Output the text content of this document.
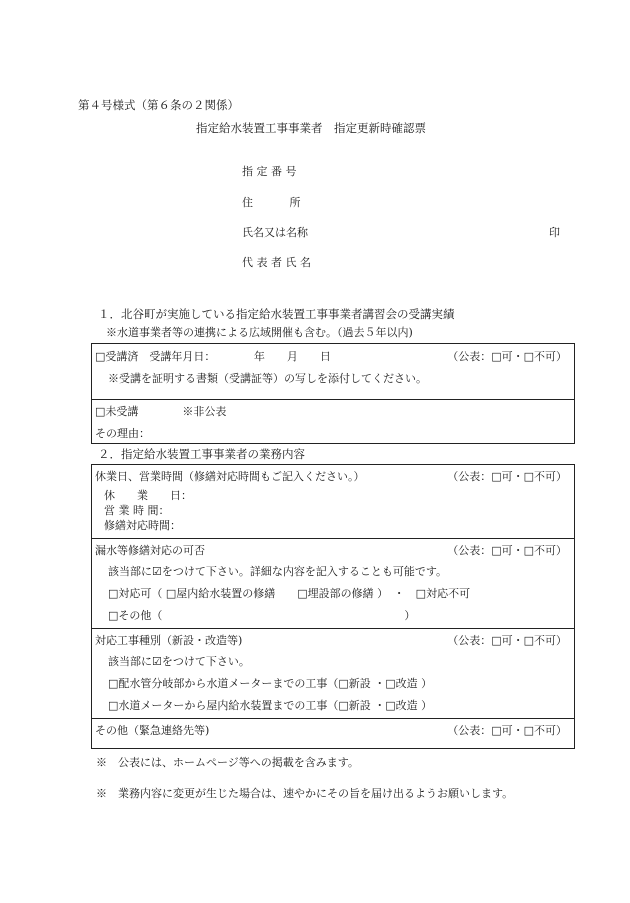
第４号様式（第６条の２関係）
指定給水装置工事事業者　指定更新時確認票
指 定 番 号
住　　　 所
氏名又は名称	印
代 表 者 氏 名
１．北谷町が実施している指定給水装置工事事業者講習会の受講実績
※水道事業者等の連携による広域開催も含む。（過去５年以内)
□受講済　受講年月日：　　　　年　　月　　日	（公表：□可・□不可）
※受講を証明する書類（受講証等）の写しを添付してください。
□未受講　　　　※非公表
その理由：
２．指定給水装置工事事業者の業務内容
休業日、営業時間（修繕対応時間もご記入ください。）	（公表：□可・□不可）
休　　業　　日：
営 業 時 間：
修繕対応時間：
漏水等修繕対応の可否	（公表：□可・□不可）
該当部に☑をつけて下さい。詳細な内容を記入することも可能です。
□対応可（ □屋内給水装置の修繕　　□埋設部の修繕 ）　・　□対応不可
□その他（　　　　　　　　　　　　　　　　　　　　　　）
対応工事種別（新設・改造等)	（公表：□可・□不可）
該当部に☑をつけて下さい。
□配水管分岐部から水道メーターまでの工事（□新設 ・□改造 ）
□水道メーターから屋内給水装置までの工事（□新設 ・□改造 ）
その他（緊急連絡先等)	（公表：□可・□不可）
※　公表には、ホームページ等への掲載を含みます。
※　業務内容に変更が生じた場合は、速やかにその旨を届け出るようお願いします。
